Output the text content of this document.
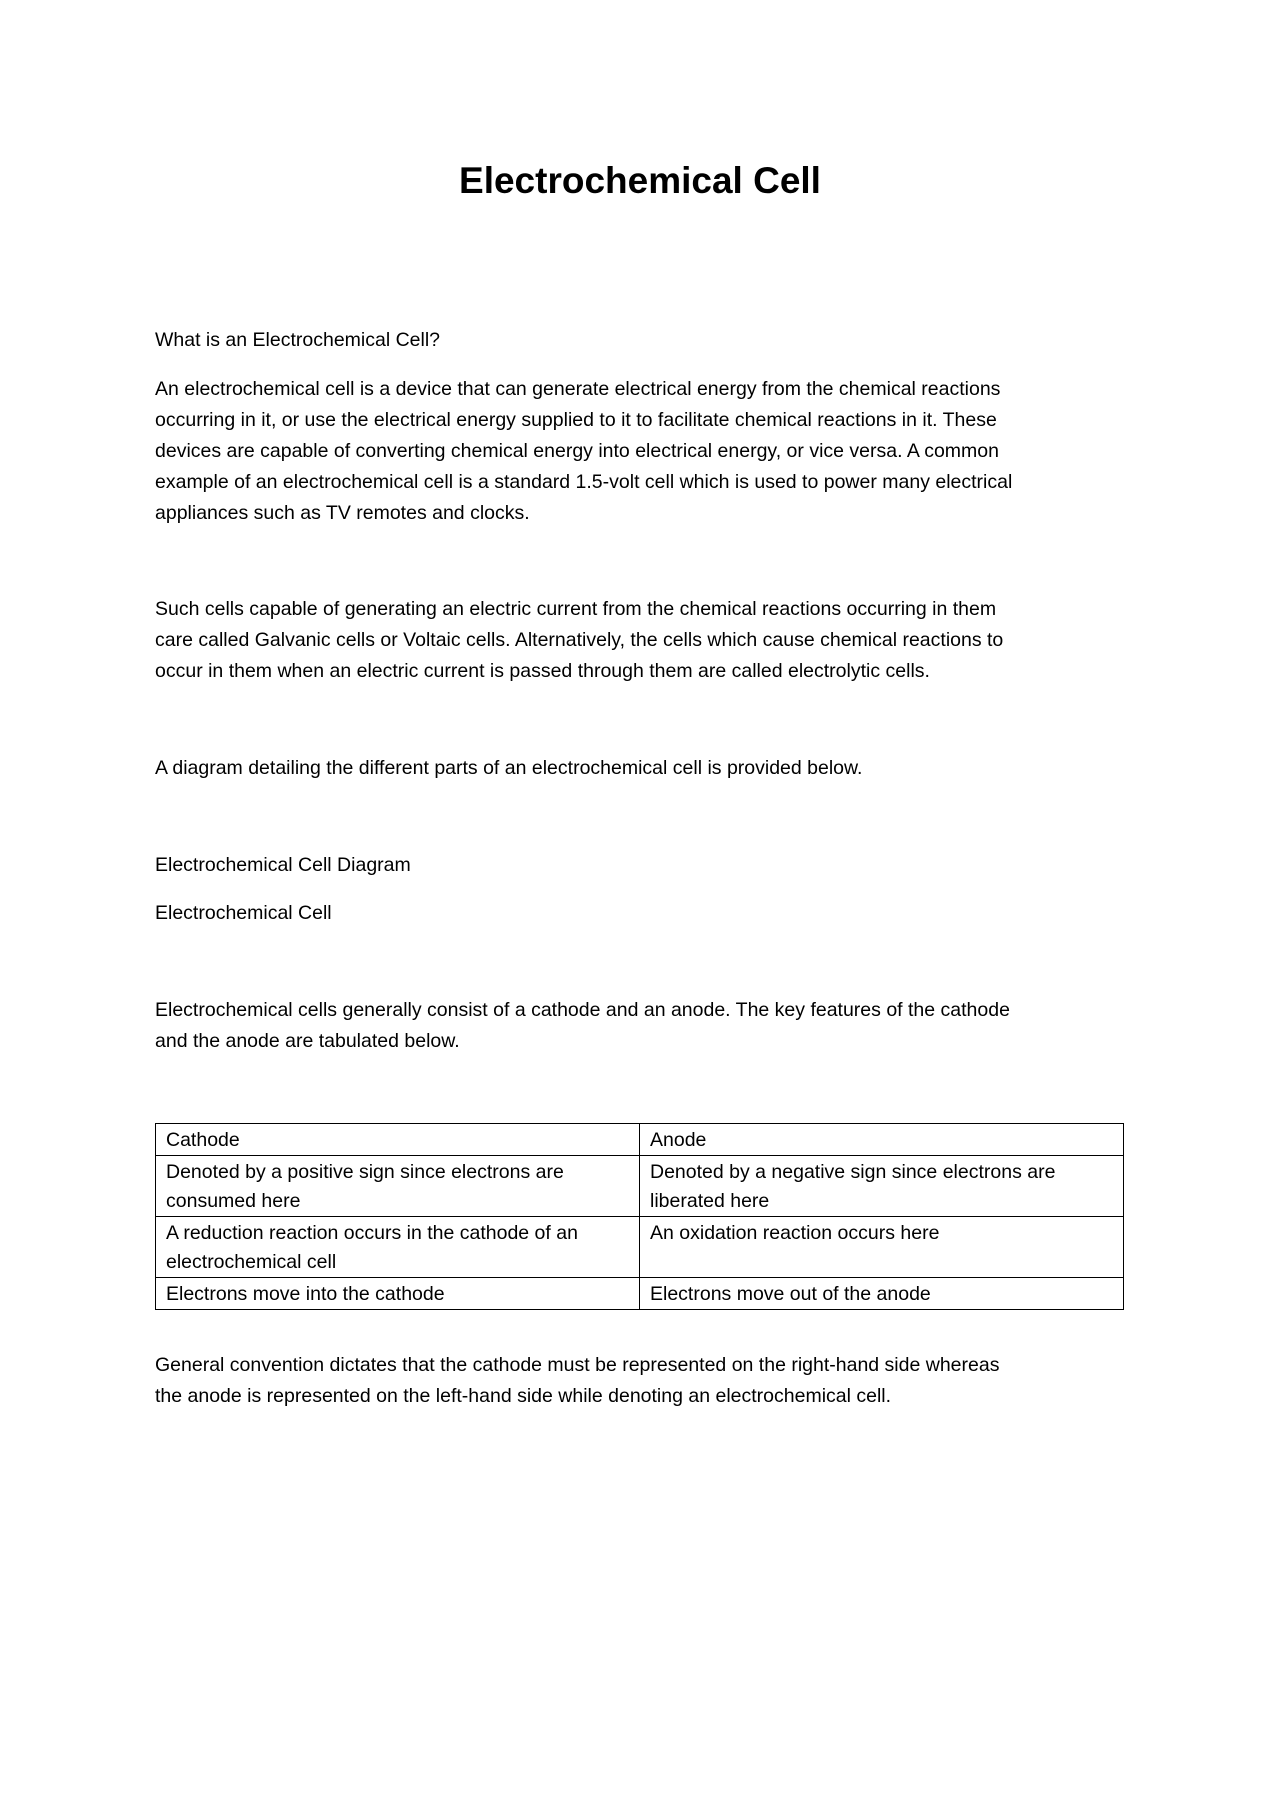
Electrochemical Cell
What is an Electrochemical Cell?
An electrochemical cell is a device that can generate electrical energy from the chemical reactions
occurring in it, or use the electrical energy supplied to it to facilitate chemical reactions in it. These
devices are capable of converting chemical energy into electrical energy, or vice versa. A common
example of an electrochemical cell is a standard 1.5-volt cell which is used to power many electrical
appliances such as TV remotes and clocks.
Such cells capable of generating an electric current from the chemical reactions occurring in them
care called Galvanic cells or Voltaic cells. Alternatively, the cells which cause chemical reactions to
occur in them when an electric current is passed through them are called electrolytic cells.
A diagram detailing the different parts of an electrochemical cell is provided below.
Electrochemical Cell Diagram
Electrochemical Cell
Electrochemical cells generally consist of a cathode and an anode. The key features of the cathode
and the anode are tabulated below.
Cathode	Anode
Denoted by a positive sign since electrons are consumed here	Denoted by a negative sign since electrons are liberated here
A reduction reaction occurs in the cathode of an electrochemical cell	An oxidation reaction occurs here
Electrons move into the cathode	Electrons move out of the anode
General convention dictates that the cathode must be represented on the right-hand side whereas
the anode is represented on the left-hand side while denoting an electrochemical cell.
